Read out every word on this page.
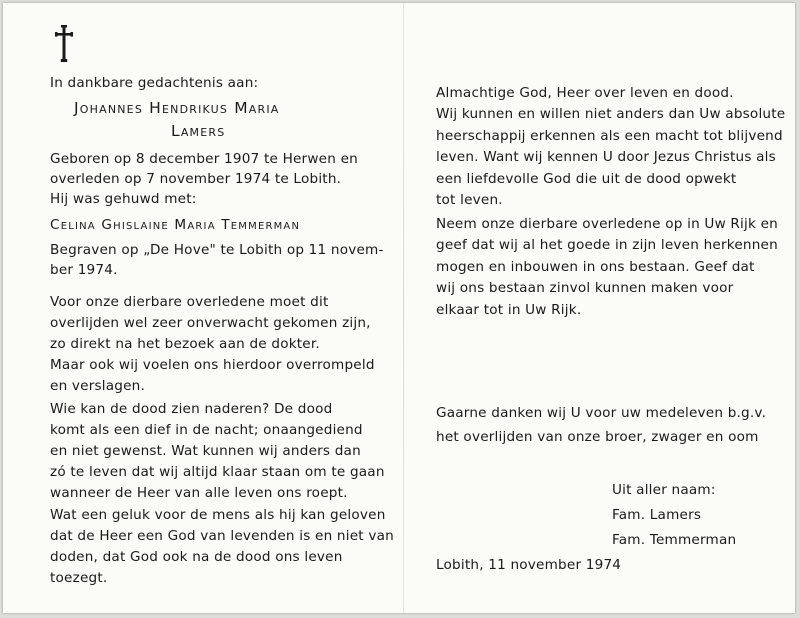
In dankbare gedachtenis aan:
Johannes Hendrikus Maria
Lamers
Geboren op 8 december 1907 te Herwen en
overleden op 7 november 1974 te Lobith.
Hij was gehuwd met:
Celina Ghislaine Maria Temmerman
Begraven op „De Hove" te Lobith op 11 novem-
ber 1974.
Voor onze dierbare overledene moet dit
overlijden wel zeer onverwacht gekomen zijn,
zo direkt na het bezoek aan de dokter.
Maar ook wij voelen ons hierdoor overrompeld
en verslagen.
Wie kan de dood zien naderen? De dood
komt als een dief in de nacht; onaangediend
en niet gewenst. Wat kunnen wij anders dan
zó te leven dat wij altijd klaar staan om te gaan
wanneer de Heer van alle leven ons roept.
Wat een geluk voor de mens als hij kan geloven
dat de Heer een God van levenden is en niet van
doden, dat God ook na de dood ons leven
toezegt.
Almachtige God, Heer over leven en dood.
Wij kunnen en willen niet anders dan Uw absolute
heerschappij erkennen als een macht tot blijvend
leven. Want wij kennen U door Jezus Christus als
een liefdevolle God die uit de dood opwekt
tot leven.
Neem onze dierbare overledene op in Uw Rijk en
geef dat wij al het goede in zijn leven herkennen
mogen en inbouwen in ons bestaan. Geef dat
wij ons bestaan zinvol kunnen maken voor
elkaar tot in Uw Rijk.
Gaarne danken wij U voor uw medeleven b.g.v.
het overlijden van onze broer, zwager en oom
Uit aller naam:
Fam. Lamers
Fam. Temmerman
Lobith, 11 november 1974
